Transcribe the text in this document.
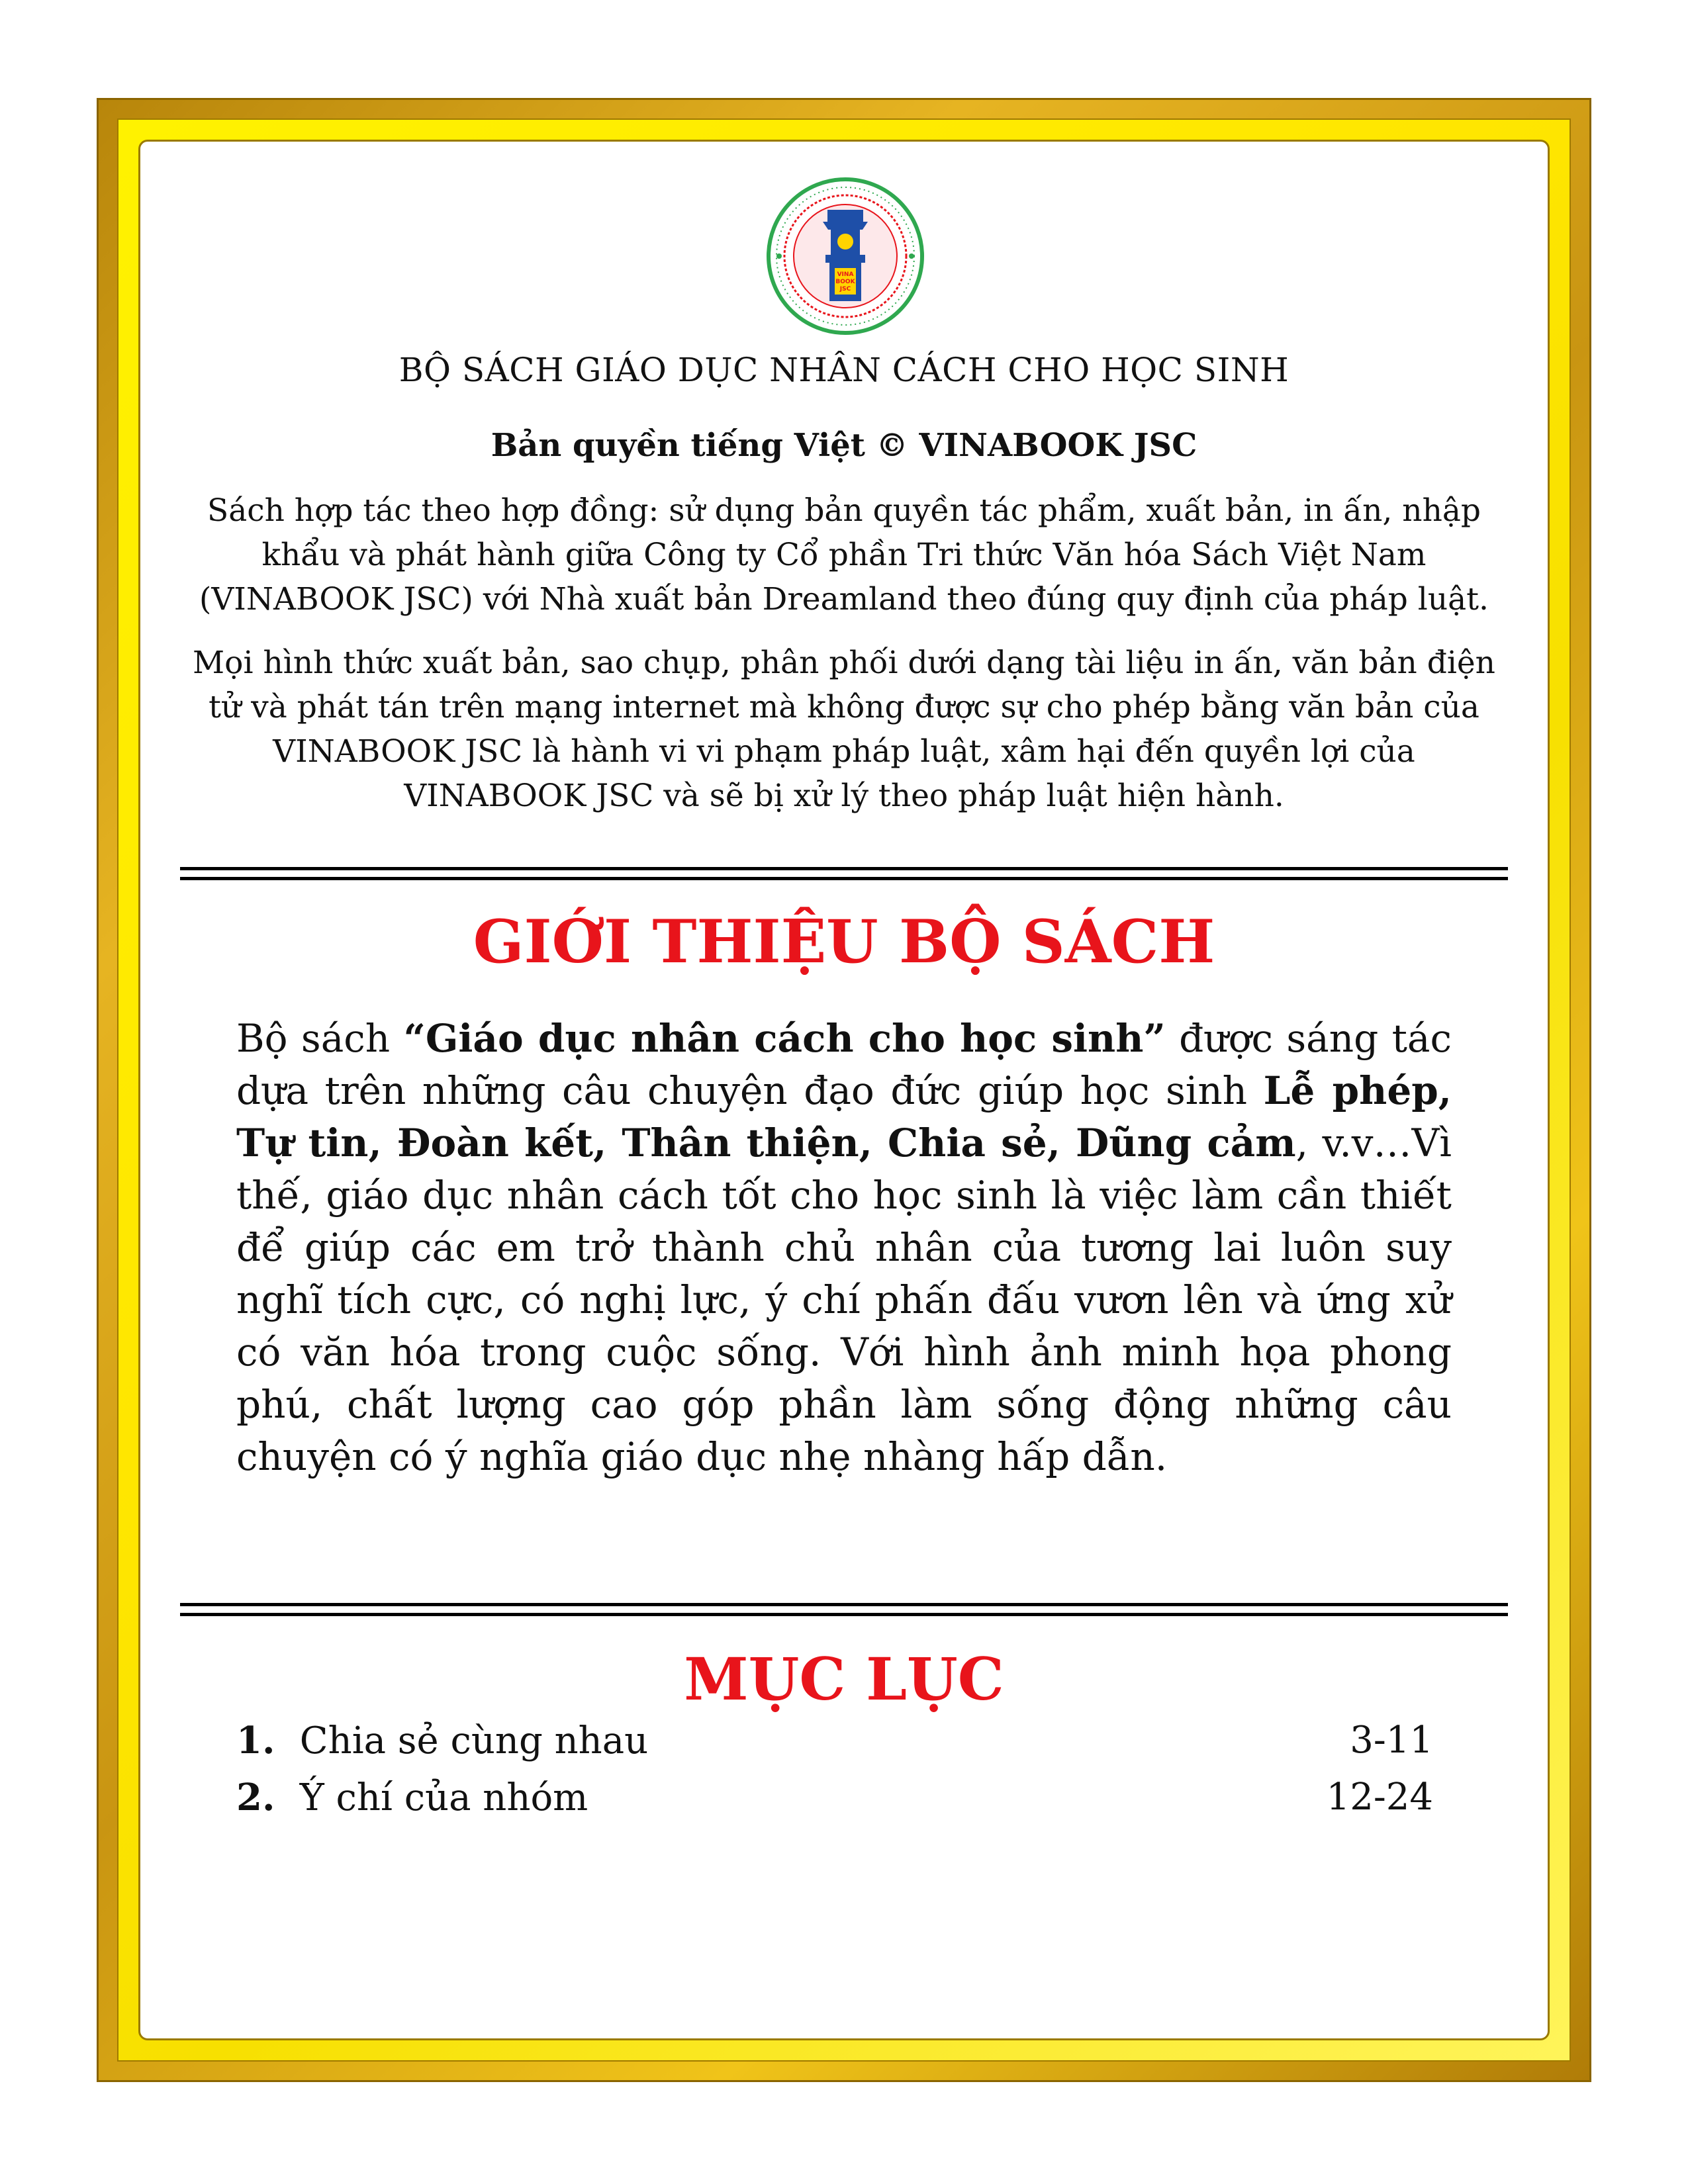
VINA
BOOK
JSC
BỘ SÁCH GIÁO DỤC NHÂN CÁCH CHO HỌC SINH
Bản quyền tiếng Việt © VINABOOK JSC
Sách hợp tác theo hợp đồng: sử dụng bản quyền tác phẩm, xuất bản, in ấn, nhập khẩu và phát hành giữa Công ty Cổ phần Tri thức Văn hóa Sách Việt Nam (VINABOOK JSC) với Nhà xuất bản Dreamland theo đúng quy định của pháp luật.
Mọi hình thức xuất bản, sao chụp, phân phối dưới dạng tài liệu in ấn, văn bản điện tử và phát tán trên mạng internet mà không được sự cho phép bằng văn bản của VINABOOK JSC là hành vi vi phạm pháp luật, xâm hại đến quyền lợi của VINABOOK JSC và sẽ bị xử lý theo pháp luật hiện hành.
GIỚI THIỆU BỘ SÁCH
Bộ sách “Giáo dục nhân cách cho học sinh” được sáng tác dựa trên những câu chuyện đạo đức giúp học sinh Lễ phép, Tự tin, Đoàn kết, Thân thiện, Chia sẻ, Dũng cảm, v.v…Vì thế, giáo dục nhân cách tốt cho học sinh là việc làm cần thiết để giúp các em trở thành chủ nhân của tương lai luôn suy nghĩ tích cực, có nghị lực, ý chí phấn đấu vươn lên và ứng xử có văn hóa trong cuộc sống. Với hình ảnh minh họa phong phú, chất lượng cao góp phần làm sống động những câu chuyện có ý nghĩa giáo dục nhẹ nhàng hấp dẫn.
MỤC LỤC
1.  Chia sẻ cùng nhau	3-11
2.  Ý chí của nhóm	12-24
